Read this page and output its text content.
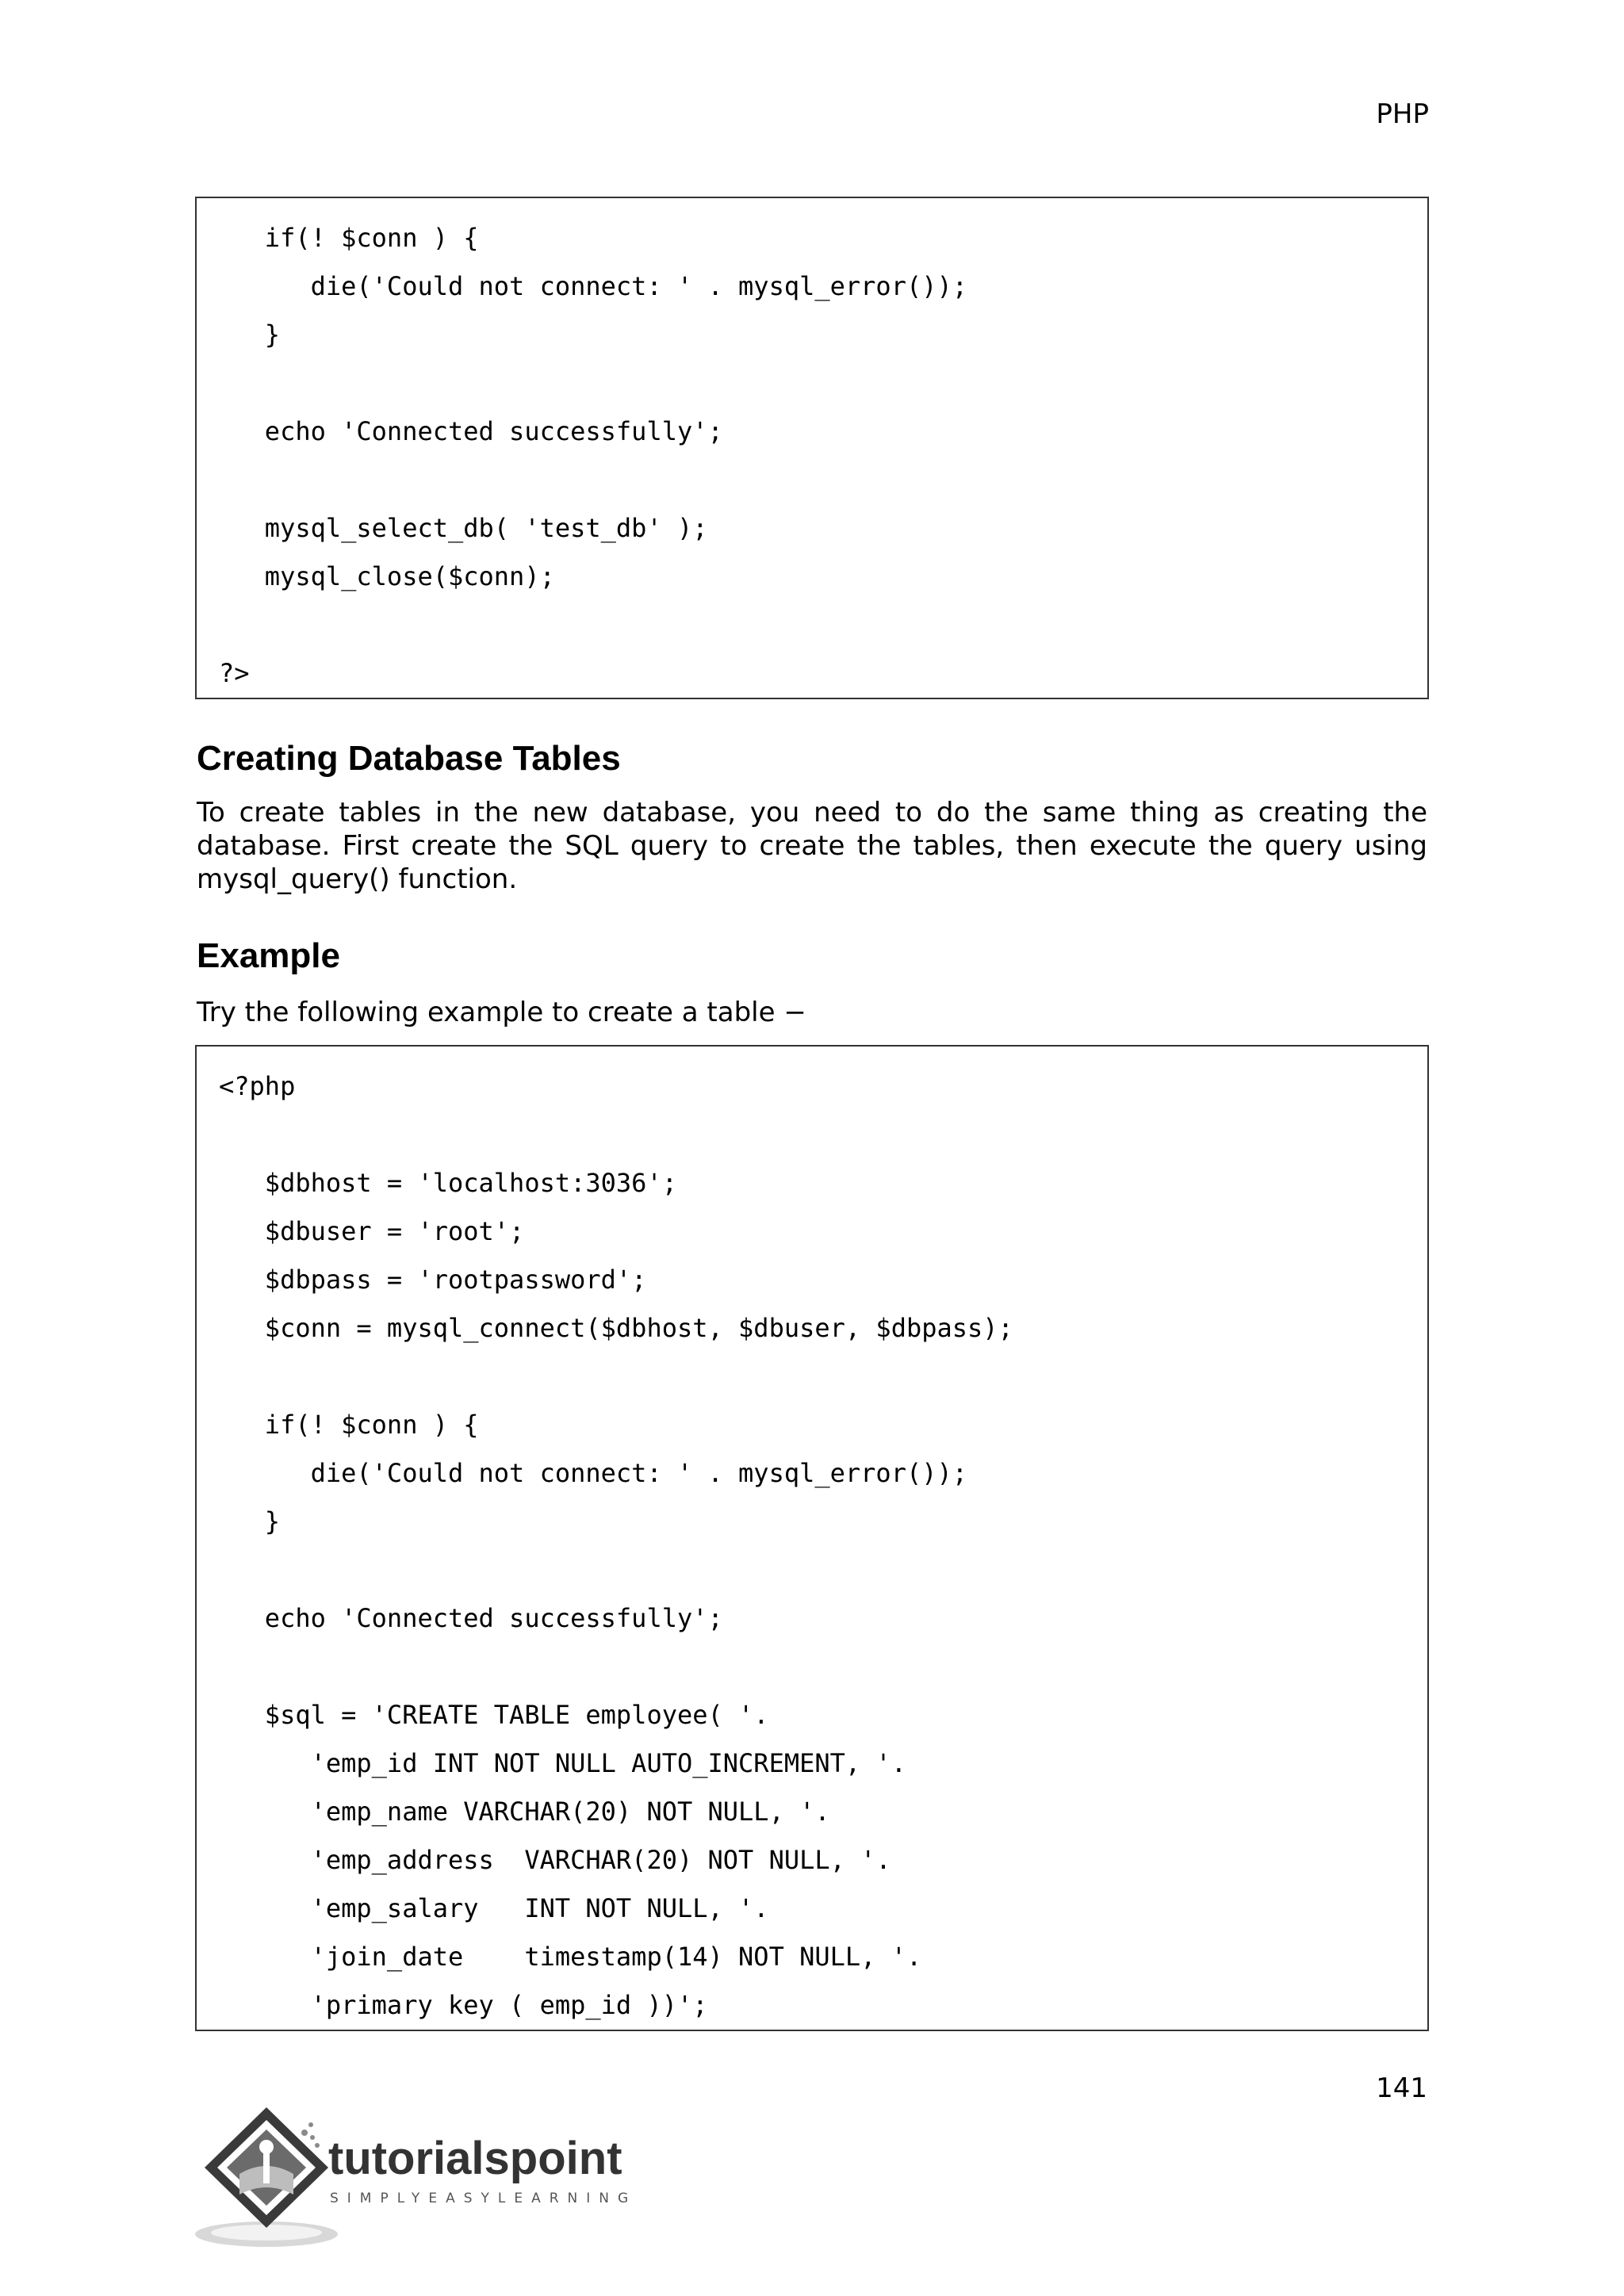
PHP
if(! $conn ) {
die('Could not connect: ' . mysql_error());
}
echo 'Connected successfully';
mysql_select_db( 'test_db' );
mysql_close($conn);
?>
Creating Database Tables
To create tables in the new database, you need to do the same thing as creating the database. First create the SQL query to create the tables, then execute the query using mysql_query() function.
Example
Try the following example to create a table −
<?php
$dbhost = 'localhost:3036';
$dbuser = 'root';
$dbpass = 'rootpassword';
$conn = mysql_connect($dbhost, $dbuser, $dbpass);
if(! $conn ) {
die('Could not connect: ' . mysql_error());
}
echo 'Connected successfully';
$sql = 'CREATE TABLE employee( '.
'emp_id INT NOT NULL AUTO_INCREMENT, '.
'emp_name VARCHAR(20) NOT NULL, '.
'emp_address  VARCHAR(20) NOT NULL, '.
'emp_salary   INT NOT NULL, '.
'join_date    timestamp(14) NOT NULL, '.
'primary key ( emp_id ))';
141
tutorialspoint
SIMPLYEASYLEARNING
